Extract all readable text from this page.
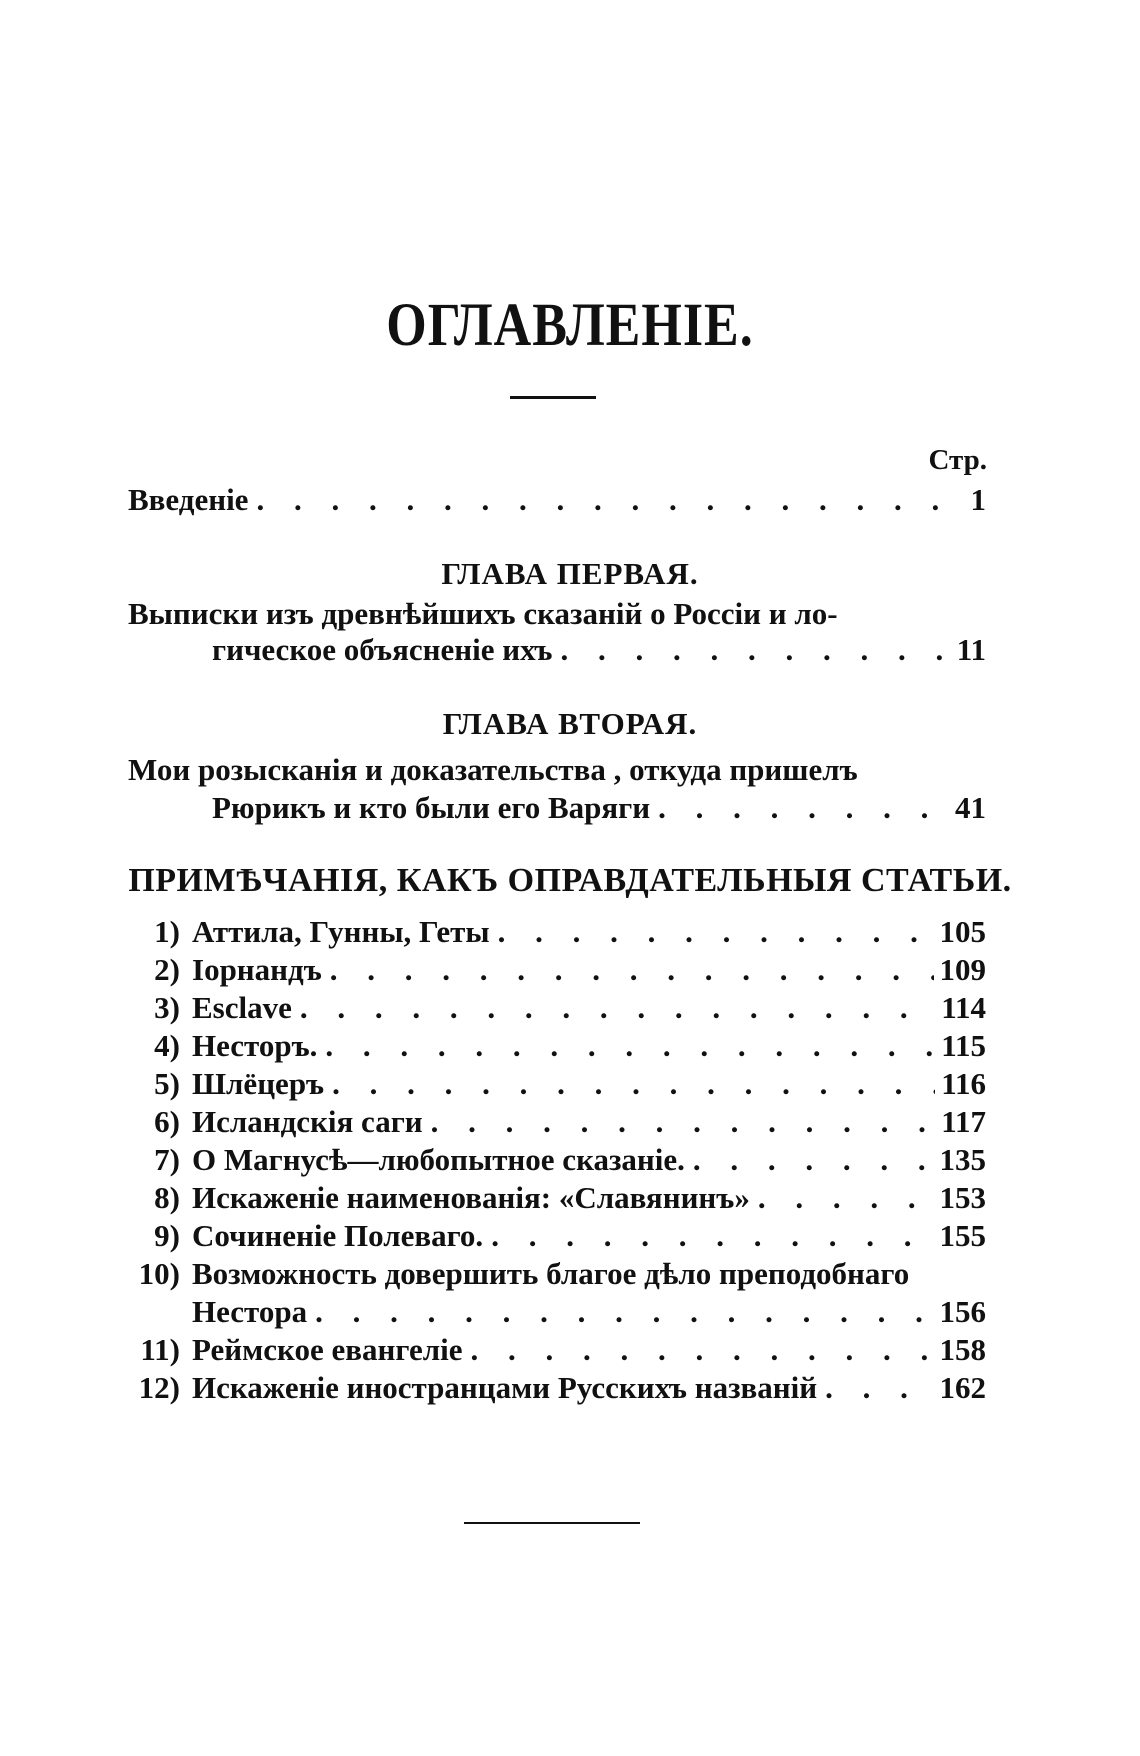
ОГЛАВЛЕНІЕ.
Стр.
Введеніе . . .	1
ГЛАВА ПЕРВАЯ.
Выписки изъ древнѣйшихъ сказаній о Россіи и ло-
гическое объясненіе ихъ . . .	11
ГЛАВА ВТОРАЯ.
Мои розысканія и доказательства , откуда пришелъ
Рюрикъ и кто были его Варяги . . .	41
ПРИМѢЧАНІЯ, КАКЪ ОПРАВДАТЕЛЬНЫЯ СТАТЬИ.
1) Аттила, Гунны, Геты . . .	105
2) Іорнандъ . . .	109
3) Esclave . . .	114
4) Несторъ. . . .	115
5) Шлёцеръ . . .	116
6) Исландскія саги . . .	117
7) О Магнусѣ—любопытное сказаніе. . . .	135
8) Искаженіе наименованія: «Славянинъ» . . .	153
9) Сочиненіе Полеваго. . . .	155
10) Возможность довершить благое дѣло преподобнаго
Нестора . . .	156
11) Реймское евангеліе . . .	158
12) Искаженіе иностранцами Русскихъ названій . . .	162
